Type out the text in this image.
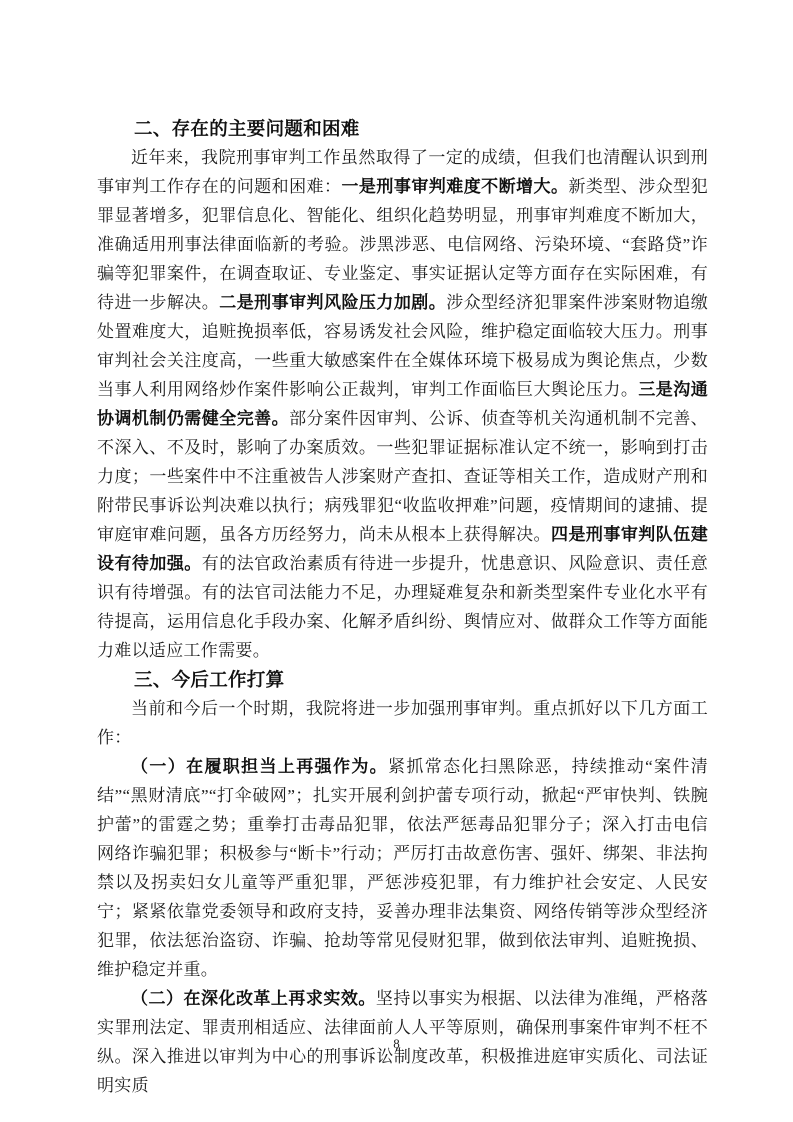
二、存在的主要问题和困难
近年来，我院刑事审判工作虽然取得了一定的成绩，但我们也清醒认识到刑事审判工作存在的问题和困难：一是刑事审判难度不断增大。新类型、涉众型犯罪显著增多，犯罪信息化、智能化、组织化趋势明显，刑事审判难度不断加大，准确适用刑事法律面临新的考验。涉黑涉恶、电信网络、污染环境、“套路贷”诈骗等犯罪案件，在调查取证、专业鉴定、事实证据认定等方面存在实际困难，有待进一步解决。二是刑事审判风险压力加剧。涉众型经济犯罪案件涉案财物追缴处置难度大，追赃挽损率低，容易诱发社会风险，维护稳定面临较大压力。刑事审判社会关注度高，一些重大敏感案件在全媒体环境下极易成为舆论焦点，少数当事人利用网络炒作案件影响公正裁判，审判工作面临巨大舆论压力。三是沟通协调机制仍需健全完善。部分案件因审判、公诉、侦查等机关沟通机制不完善、不深入、不及时，影响了办案质效。一些犯罪证据标准认定不统一，影响到打击力度；一些案件中不注重被告人涉案财产查扣、查证等相关工作，造成财产刑和附带民事诉讼判决难以执行；病残罪犯“收监收押难”问题，疫情期间的逮捕、提审庭审难问题，虽各方历经努力，尚未从根本上获得解决。四是刑事审判队伍建设有待加强。有的法官政治素质有待进一步提升，忧患意识、风险意识、责任意识有待增强。有的法官司法能力不足，办理疑难复杂和新类型案件专业化水平有待提高，运用信息化手段办案、化解矛盾纠纷、舆情应对、做群众工作等方面能力难以适应工作需要。
三、今后工作打算
当前和今后一个时期，我院将进一步加强刑事审判。重点抓好以下几方面工作：
（一）在履职担当上再强作为。紧抓常态化扫黑除恶，持续推动“案件清结”“黑财清底”“打伞破网”；扎实开展利剑护蕾专项行动，掀起“严审快判、铁腕护蕾”的雷霆之势；重拳打击毒品犯罪，依法严惩毒品犯罪分子；深入打击电信网络诈骗犯罪；积极参与“断卡”行动；严厉打击故意伤害、强奸、绑架、非法拘禁以及拐卖妇女儿童等严重犯罪，严惩涉疫犯罪，有力维护社会安定、人民安宁；紧紧依靠党委领导和政府支持，妥善办理非法集资、网络传销等涉众型经济犯罪，依法惩治盗窃、诈骗、抢劫等常见侵财犯罪，做到依法审判、追赃挽损、维护稳定并重。
（二）在深化改革上再求实效。坚持以事实为根据、以法律为准绳，严格落实罪刑法定、罪责刑相适应、法律面前人人平等原则，确保刑事案件审判不枉不纵。深入推进以审判为中心的刑事诉讼制度改革，积极推进庭审实质化、司法证明实质
8
